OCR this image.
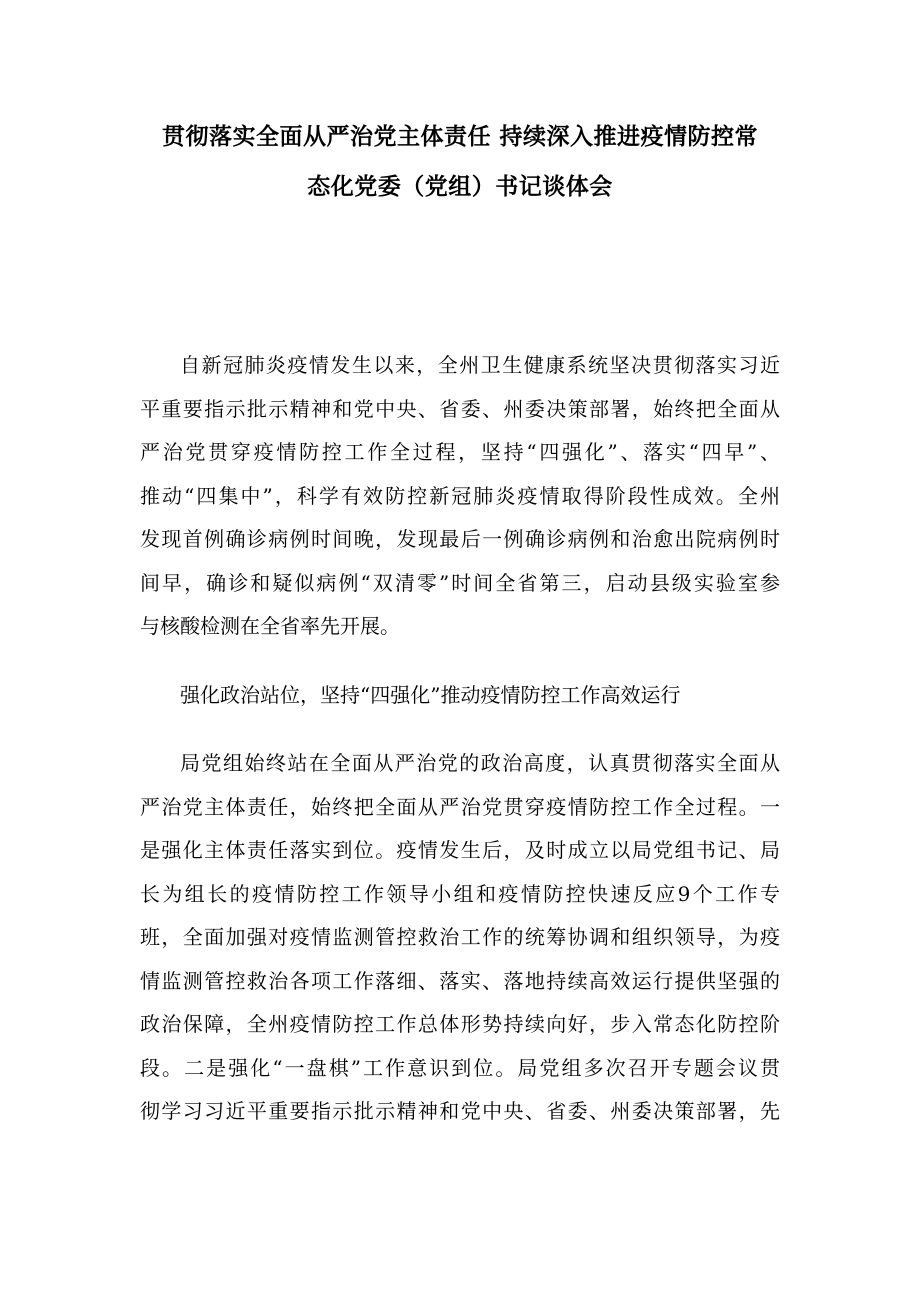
贯彻落实全面从严治党主体责任 持续深入推进疫情防控常
态化党委（党组）书记谈体会

自新冠肺炎疫情发生以来，全州卫生健康系统坚决贯彻落实习近
平重要指示批示精神和党中央、省委、州委决策部署，始终把全面从
严治党贯穿疫情防控工作全过程，坚持“四强化”、落实“四早”、
推动“四集中”，科学有效防控新冠肺炎疫情取得阶段性成效。全州
发现首例确诊病例时间晚，发现最后一例确诊病例和治愈出院病例时
间早，确诊和疑似病例“双清零”时间全省第三，启动县级实验室参
与核酸检测在全省率先开展。

强化政治站位，坚持“四强化”推动疫情防控工作高效运行

局党组始终站在全面从严治党的政治高度，认真贯彻落实全面从
严治党主体责任，始终把全面从严治党贯穿疫情防控工作全过程。一
是强化主体责任落实到位。疫情发生后，及时成立以局党组书记、局
长为组长的疫情防控工作领导小组和疫情防控快速反应9个工作专
班，全面加强对疫情监测管控救治工作的统筹协调和组织领导，为疫
情监测管控救治各项工作落细、落实、落地持续高效运行提供坚强的
政治保障，全州疫情防控工作总体形势持续向好，步入常态化防控阶
段。二是强化“一盘棋”工作意识到位。局党组多次召开专题会议贯
彻学习习近平重要指示批示精神和党中央、省委、州委决策部署，先
